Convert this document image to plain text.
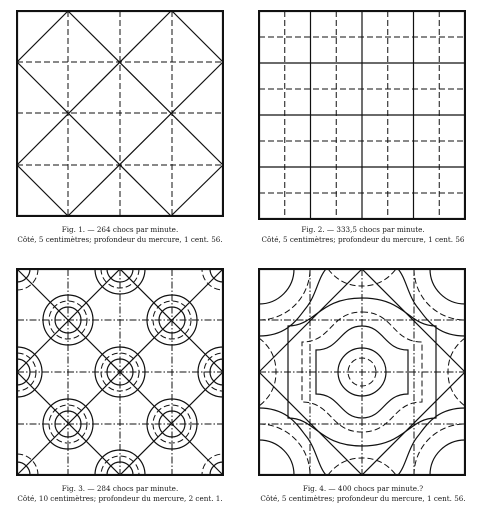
Fig. 1. — 264 chocs par minute.
Côté, 5 centimètres; profondeur du mercure, 1 cent. 56.
Fig. 2. — 333,5 chocs par minute.
Côté, 5 centimètres; profondeur du mercure, 1 cent. 56
Fig. 3. — 284 chocs par minute.
Côté, 10 centimètres; profondeur du mercure, 2 cent. 1.
Fig. 4. — 400 chocs par minute.?
Côté, 5 centimètres; profondeur du mercure, 1 cent. 56.
